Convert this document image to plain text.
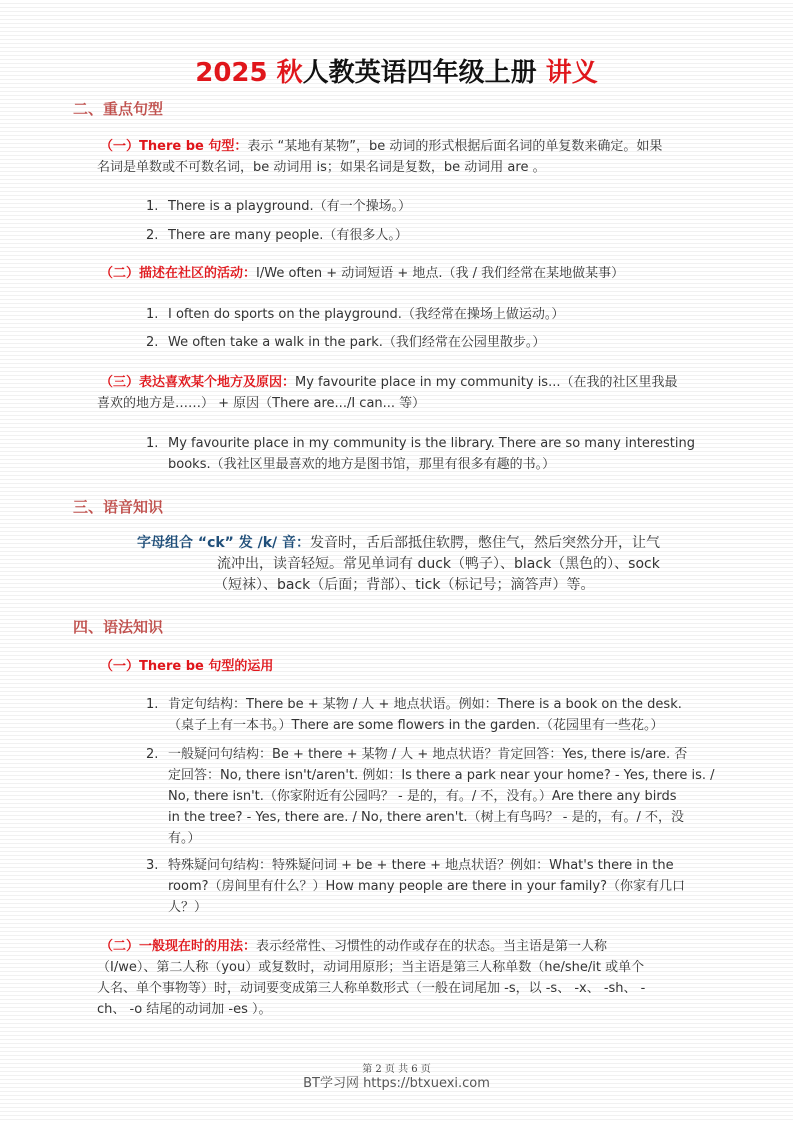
2025 秋人教英语四年级上册 讲义
二、重点句型
（一）There be 句型：表示 “某地有某物”，be 动词的形式根据后面名词的单复数来确定。如果
名词是单数或不可数名词，be 动词用 is；如果名词是复数，be 动词用 are 。
1. There is a playground.（有一个操场。）
2. There are many people.（有很多人。）
（二）描述在社区的活动：I/We often + 动词短语 + 地点.（我 / 我们经常在某地做某事）
1. I often do sports on the playground.（我经常在操场上做运动。）
2. We often take a walk in the park.（我们经常在公园里散步。）
（三）表达喜欢某个地方及原因：My favourite place in my community is...（在我的社区里我最
喜欢的地方是……） + 原因（There are.../I can... 等）
1. My favourite place in my community is the library. There are so many interesting
books.（我社区里最喜欢的地方是图书馆，那里有很多有趣的书。）
三、语音知识
字母组合 “ck” 发 /k/ 音：发音时，舌后部抵住软腭，憋住气，然后突然分开，让气
流冲出，读音轻短。常见单词有 duck（鸭子）、black（黑色的）、sock
（短袜）、back（后面；背部）、tick（标记号；滴答声）等。
四、语法知识
（一）There be 句型的运用
1. 肯定句结构：There be + 某物 / 人 + 地点状语。例如：There is a book on the desk.
（桌子上有一本书。）There are some flowers in the garden.（花园里有一些花。）
2. 一般疑问句结构：Be + there + 某物 / 人 + 地点状语？肯定回答：Yes, there is/are. 否
定回答：No, there isn't/aren't. 例如：Is there a park near your home? - Yes, there is. /
No, there isn't.（你家附近有公园吗？ - 是的，有。/ 不，没有。）Are there any birds
in the tree? - Yes, there are. / No, there aren't.（树上有鸟吗？ - 是的，有。/ 不，没
有。）
3. 特殊疑问句结构：特殊疑问词 + be + there + 地点状语？例如：What's there in the
room?（房间里有什么？）How many people are there in your family?（你家有几口
人？）
（二）一般现在时的用法：表示经常性、习惯性的动作或存在的状态。当主语是第一人称
（I/we）、第二人称（you）或复数时，动词用原形；当主语是第三人称单数（he/she/it 或单个
人名、单个事物等）时，动词要变成第三人称单数形式（一般在词尾加 -s，以 -s、 -x、 -sh、 -
ch、 -o 结尾的动词加 -es ）。
第 2 页 共 6 页
BT学习网 https://btxuexi.com
